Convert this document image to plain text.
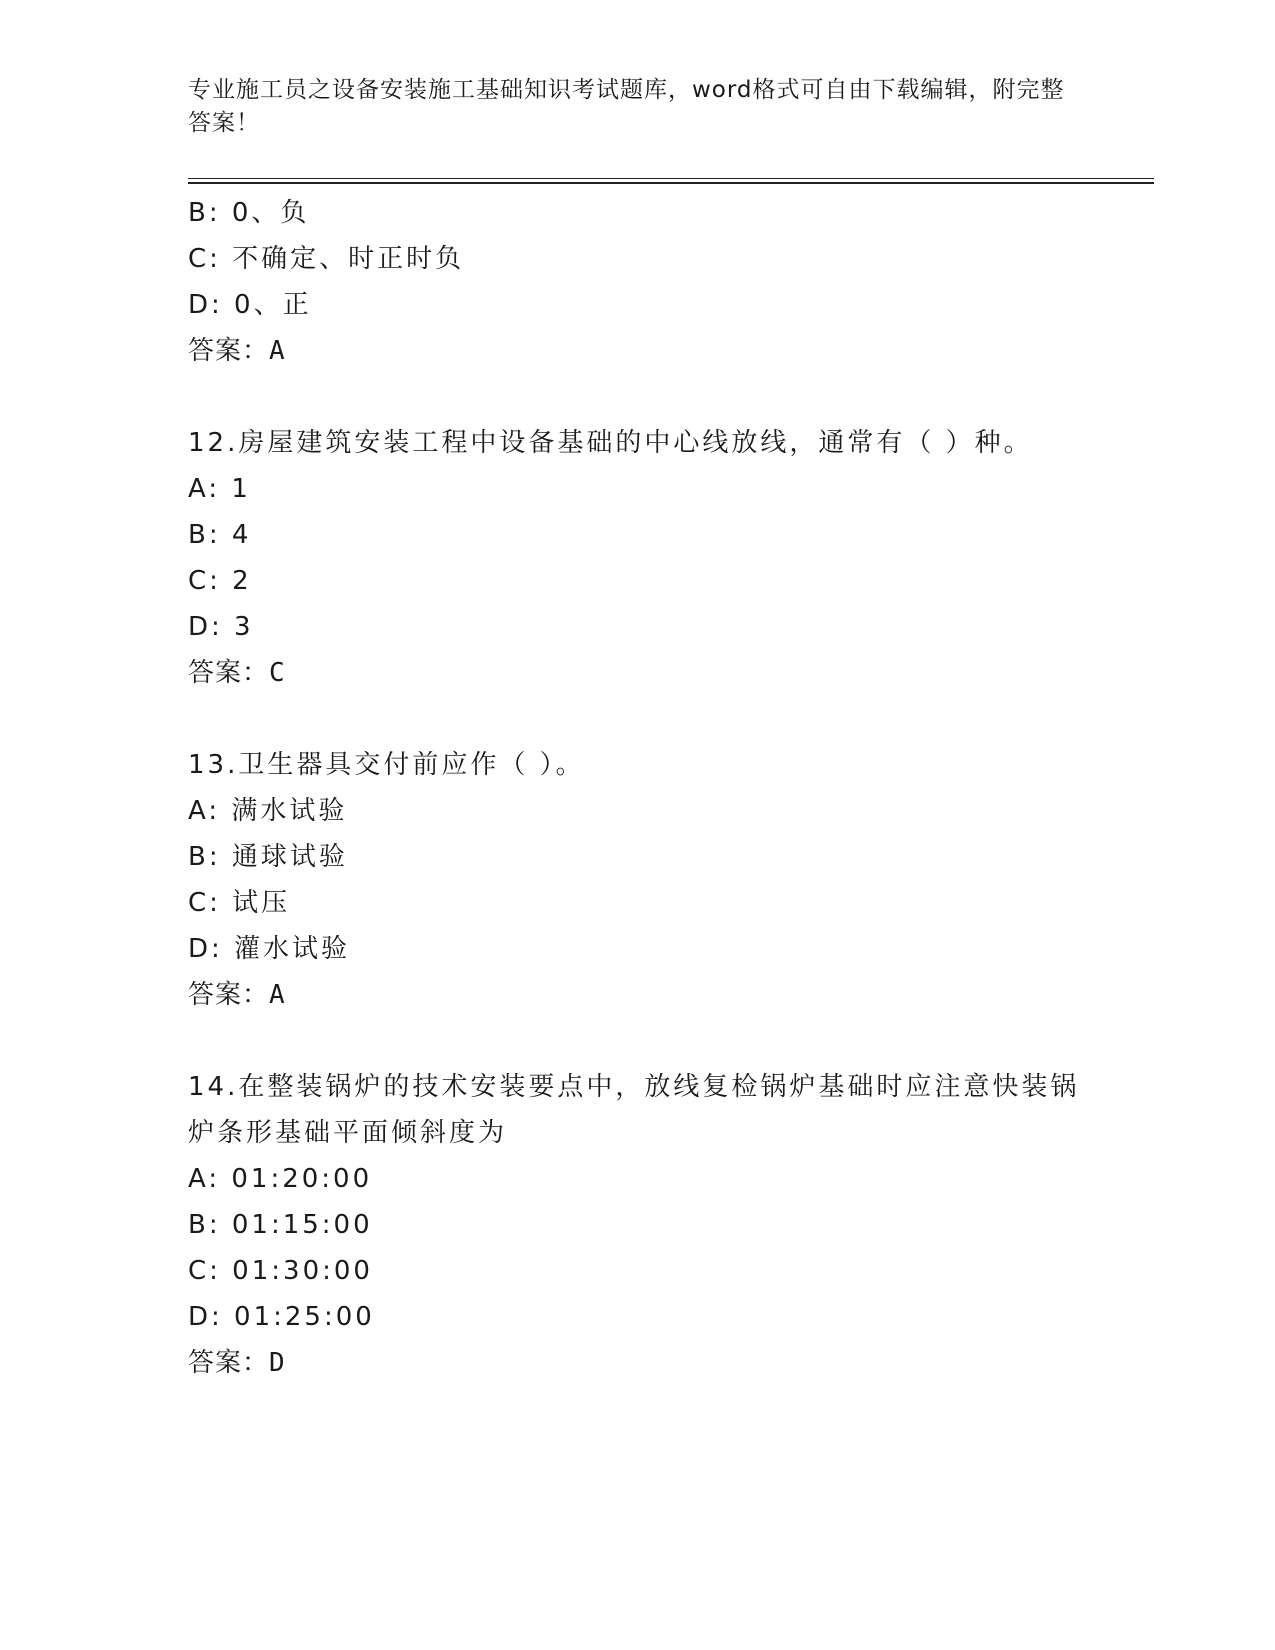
专业施工员之设备安装施工基础知识考试题库，word格式可自由下载编辑，附完整答案！
B: 0、负
C: 不确定、时正时负
D: 0、正
答案：A
12.房屋建筑安装工程中设备基础的中心线放线，通常有（ ）种。
A: 1
B: 4
C: 2
D: 3
答案：C
13.卫生器具交付前应作（ ）。
A: 满水试验
B: 通球试验
C: 试压
D: 灌水试验
答案：A
14.在整装锅炉的技术安装要点中，放线复检锅炉基础时应注意快装锅炉条形基础平面倾斜度为
A: 01:20:00
B: 01:15:00
C: 01:30:00
D: 01:25:00
答案：D
